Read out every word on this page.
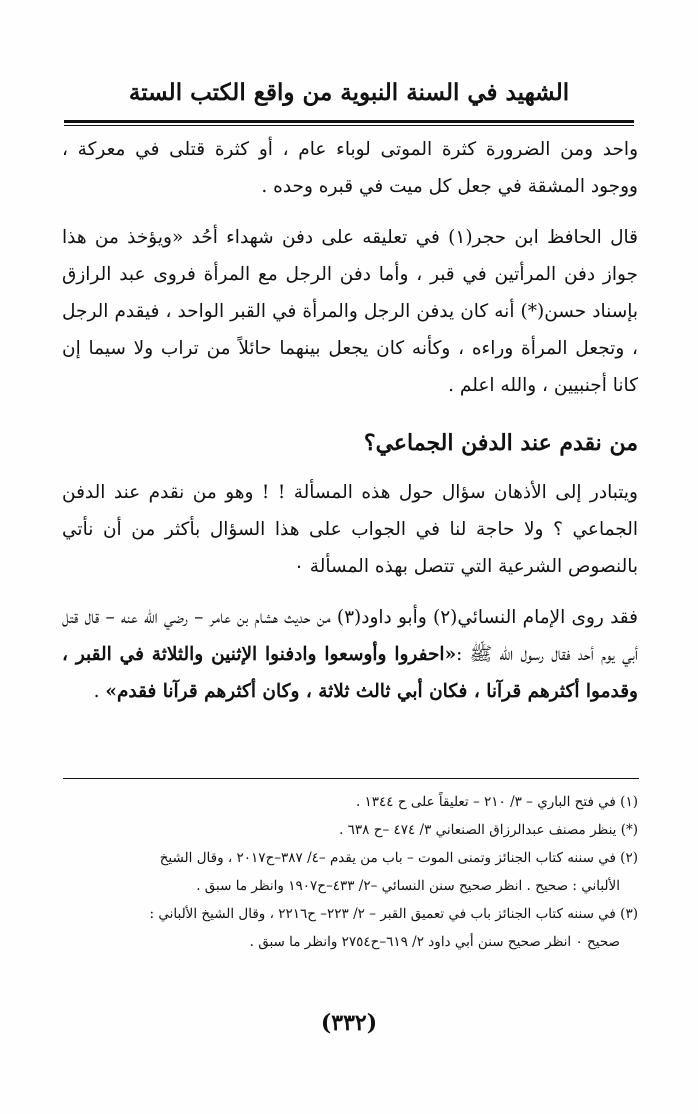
الشهيد في السنة النبوية من واقع الكتب الستة

واحد ومن الضرورة كثرة الموتى لوباء عام ، أو كثرة قتلى في معركة ، ووجود المشقة في جعل كل ميت في قبره وحده .

قال الحافظ ابن حجر(١) في تعليقه على دفن شهداء أحُد «ويؤخذ من هذا جواز دفن المرأتين في قبر ، وأما دفن الرجل مع المرأة فروى عبد الرازق بإسناد حسن(*) أنه كان يدفن الرجل والمرأة في القبر الواحد ، فيقدم الرجل ، وتجعل المرأة وراءه ، وكأنه كان يجعل بينهما حائلاً من تراب ولا سيما إن كانا أجنبيين ، والله اعلم .

من نقدم عند الدفن الجماعي؟

ويتبادر إلى الأذهان سؤال حول هذه المسألة ! ! وهو من نقدم عند الدفن الجماعي ؟ ولا حاجة لنا في الجواب على هذا السؤال بأكثر من أن نأتي بالنصوص الشرعية التي تتصل بهذه المسألة ٠

فقد روى الإمام النسائي(٢) وأبو داود(٣) من حديث هشام بن عامر – رضي الله عنه – قال قتل أبي يوم أحد فقال رسول الله ﷺ :«احفروا وأوسعوا وادفنوا الإثنين والثلاثة في القبر ، وقدموا أكثرهم قرآنا ، فكان أبي ثالث ثلاثة ، وكان أكثرهم قرآنا فقدم» .

(١) في فتح الباري – ٣/ ٢١٠ – تعليقاً على ح ١٣٤٤ .
(*) ينظر مصنف عبدالرزاق الصنعاني ٣/ ٤٧٤ –ح ٦٣٨ .
(٢) في سننه كتاب الجنائز وتمنى الموت – باب من يقدم –٤/ ٣٨٧–ح٢٠١٧ ، وقال الشيخ
الألباني : صحيح . انظر صحيح سنن النسائي –٢/ ٤٣٣–ح١٩٠٧ وانظر ما سبق .
(٣) في سننه كتاب الجنائز باب في تعميق القبر – ٢/ ٢٢٣– ح٢٢١٦ ، وقال الشيخ الألباني :
صحيح ٠ انظر صحيح سنن أبي داود ٢/ ٦١٩–ح٢٧٥٤ وانظر ما سبق .
(٣٣٢)
